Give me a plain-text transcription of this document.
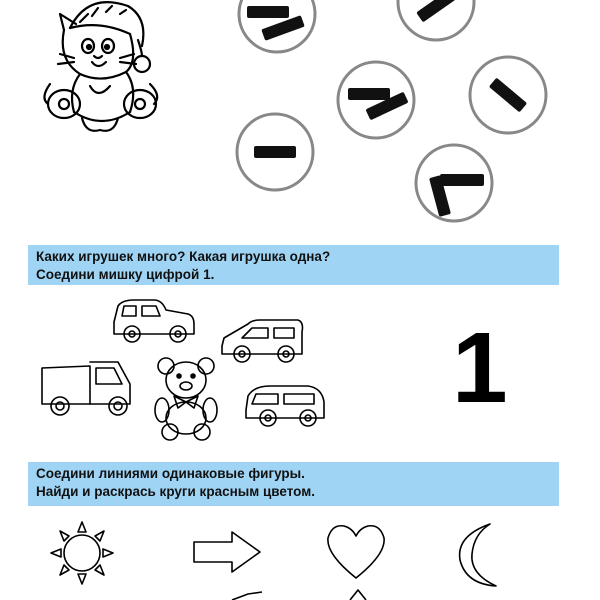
Каких игрушек много? Какая игрушка одна?
Соедини мишку цифрой 1.
1
Соедини линиями одинаковые фигуры.
Найди и раскрась круги красным цветом.
